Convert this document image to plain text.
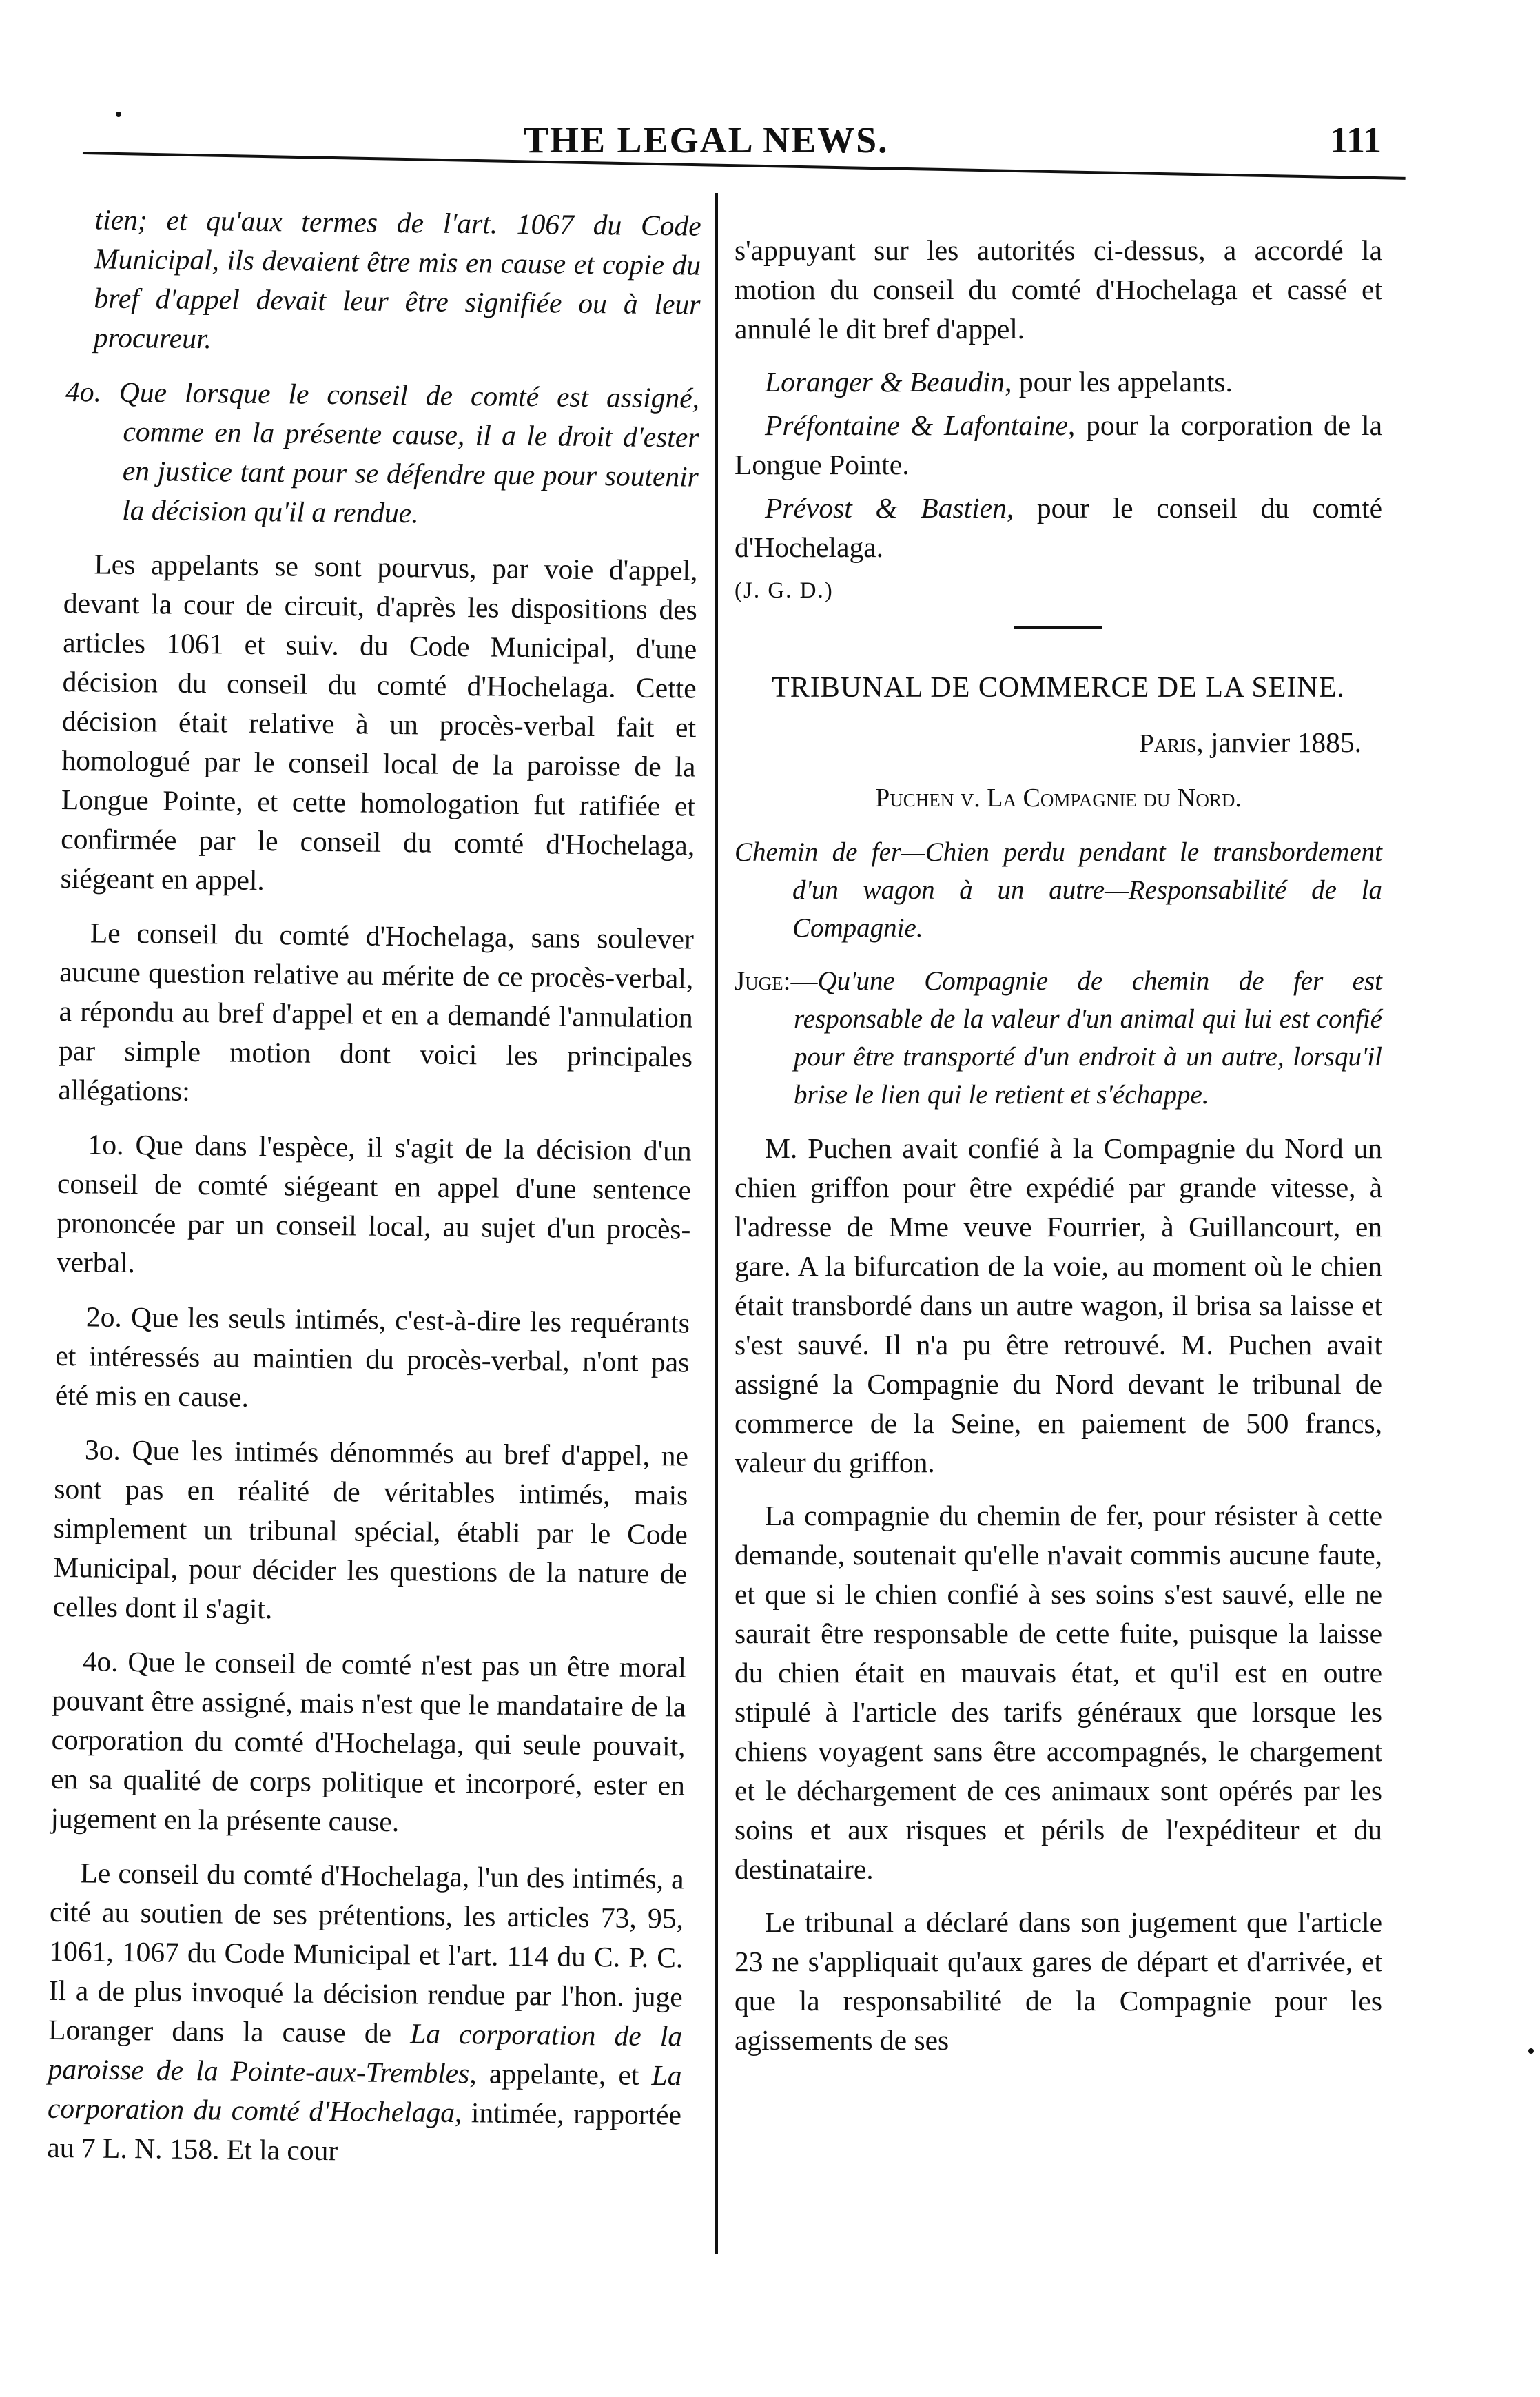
THE LEGAL NEWS.	111

tien; et qu'aux termes de l'art. 1067 du Code Municipal, ils devaient être mis en cause et copie du bref d'appel devait leur être signifiée ou à leur procureur.

4o. Que lorsque le conseil de comté est assigné, comme en la présente cause, il a le droit d'ester en justice tant pour se défendre que pour soutenir la décision qu'il a rendue.

Les appelants se sont pourvus, par voie d'appel, devant la cour de circuit, d'après les dispositions des articles 1061 et suiv. du Code Municipal, d'une décision du conseil du comté d'Hochelaga. Cette décision était relative à un procès-verbal fait et homologué par le conseil local de la paroisse de la Longue Pointe, et cette homologation fut ratifiée et confirmée par le conseil du comté d'Hochelaga, siégeant en appel.

Le conseil du comté d'Hochelaga, sans soulever aucune question relative au mérite de ce procès-verbal, a répondu au bref d'appel et en a demandé l'annulation par simple motion dont voici les principales allégations:

1o. Que dans l'espèce, il s'agit de la décision d'un conseil de comté siégeant en appel d'une sentence prononcée par un conseil local, au sujet d'un procès-verbal.

2o. Que les seuls intimés, c'est-à-dire les requérants et intéressés au maintien du procès-verbal, n'ont pas été mis en cause.

3o. Que les intimés dénommés au bref d'appel, ne sont pas en réalité de véritables intimés, mais simplement un tribunal spécial, établi par le Code Municipal, pour décider les questions de la nature de celles dont il s'agit.

4o. Que le conseil de comté n'est pas un être moral pouvant être assigné, mais n'est que le mandataire de la corporation du comté d'Hochelaga, qui seule pouvait, en sa qualité de corps politique et incorporé, ester en jugement en la présente cause.

Le conseil du comté d'Hochelaga, l'un des intimés, a cité au soutien de ses prétentions, les articles 73, 95, 1061, 1067 du Code Municipal et l'art. 114 du C. P. C. Il a de plus invoqué la décision rendue par l'hon. juge Loranger dans la cause de La corporation de la paroisse de la Pointe-aux-Trembles, appelante, et La corporation du comté d'Hochelaga, intimée, rapportée au 7 L. N. 158. Et la cour

s'appuyant sur les autorités ci-dessus, a accordé la motion du conseil du comté d'Hochelaga et cassé et annulé le dit bref d'appel.

Loranger & Beaudin, pour les appelants.

Préfontaine & Lafontaine, pour la corporation de la Longue Pointe.

Prévost & Bastien, pour le conseil du comté d'Hochelaga.

(J. G. D.)

TRIBUNAL DE COMMERCE DE LA SEINE.

Paris, janvier 1885.

Puchen v. La Compagnie du Nord.

Chemin de fer—Chien perdu pendant le transbordement d'un wagon à un autre—Responsabilité de la Compagnie.

Juge:—Qu'une Compagnie de chemin de fer est responsable de la valeur d'un animal qui lui est confié pour être transporté d'un endroit à un autre, lorsqu'il brise le lien qui le retient et s'échappe.

M. Puchen avait confié à la Compagnie du Nord un chien griffon pour être expédié par grande vitesse, à l'adresse de Mme veuve Fourrier, à Guillancourt, en gare. A la bifurcation de la voie, au moment où le chien était transbordé dans un autre wagon, il brisa sa laisse et s'est sauvé. Il n'a pu être retrouvé. M. Puchen avait assigné la Compagnie du Nord devant le tribunal de commerce de la Seine, en paiement de 500 francs, valeur du griffon.

La compagnie du chemin de fer, pour résister à cette demande, soutenait qu'elle n'avait commis aucune faute, et que si le chien confié à ses soins s'est sauvé, elle ne saurait être responsable de cette fuite, puisque la laisse du chien était en mauvais état, et qu'il est en outre stipulé à l'article des tarifs généraux que lorsque les chiens voyagent sans être accompagnés, le chargement et le déchargement de ces animaux sont opérés par les soins et aux risques et périls de l'expéditeur et du destinataire.

Le tribunal a déclaré dans son jugement que l'article 23 ne s'appliquait qu'aux gares de départ et d'arrivée, et que la responsabilité de la Compagnie pour les agissements de ses
